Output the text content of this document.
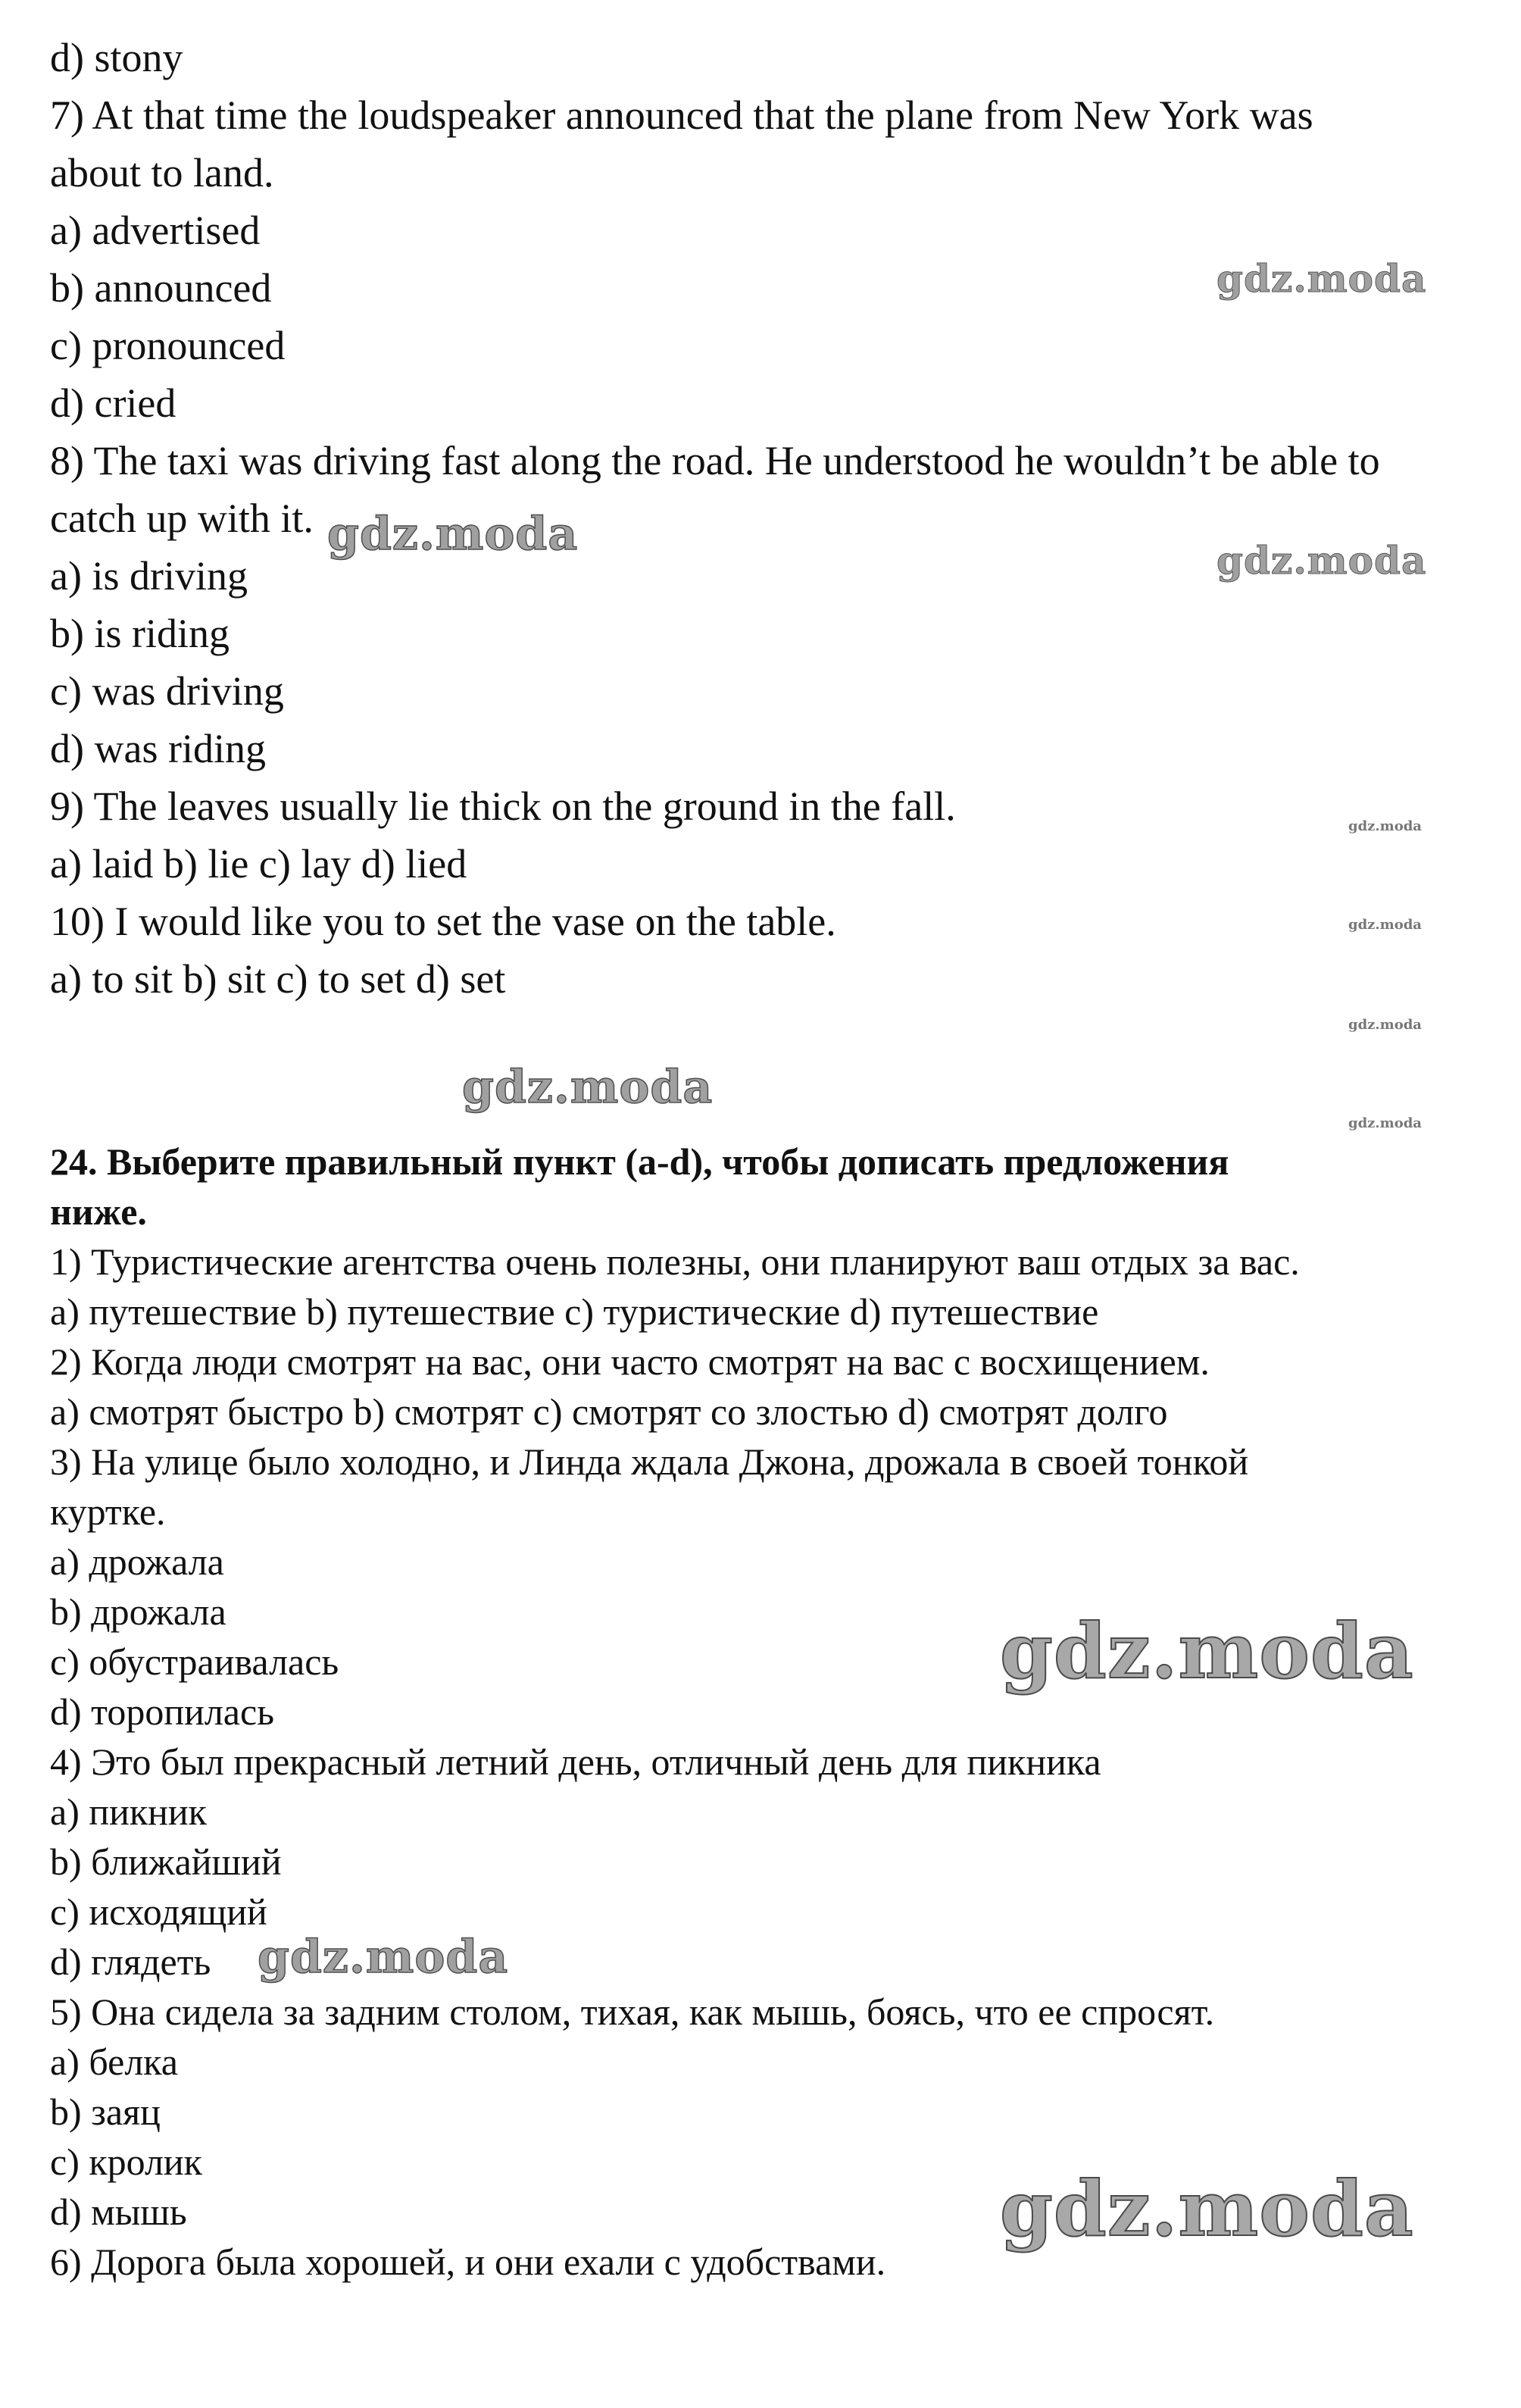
d) stony
7) At that time the loudspeaker announced that the plane from New York was
about to land.
a) advertised
b) announced
c) pronounced
d) cried
8) The taxi was driving fast along the road. He understood he wouldn’t be able to
catch up with it.
a) is driving
b) is riding
c) was driving
d) was riding
9) The leaves usually lie thick on the ground in the fall.
a) laid b) lie c) lay d) lied
10) I would like you to set the vase on the table.
a) to sit b) sit c) to set d) set
24. Выберите правильный пункт (a-d), чтобы дописать предложения
ниже.
1) Туристические агентства очень полезны, они планируют ваш отдых за вас.
a) путешествие b) путешествие c) туристические d) путешествие
2) Когда люди смотрят на вас, они часто смотрят на вас с восхищением.
a) смотрят быстро b) смотрят c) смотрят со злостью d) смотрят долго
3) На улице было холодно, и Линда ждала Джона, дрожала в своей тонкой
куртке.
a) дрожала
b) дрожала
c) обустраивалась
d) торопилась
4) Это был прекрасный летний день, отличный день для пикника
a) пикник
b) ближайший
c) исходящий
d) глядеть
5) Она сидела за задним столом, тихая, как мышь, боясь, что ее спросят.
a) белка
b) заяц
c) кролик
d) мышь
6) Дорога была хорошей, и они ехали с удобствами.
gdz.moda
gdz.moda	gdz.moda
gdz.moda
gdz.moda
gdz.moda
gdz.moda
gdz.moda
gdz.moda
gdz.moda
gdz.moda
